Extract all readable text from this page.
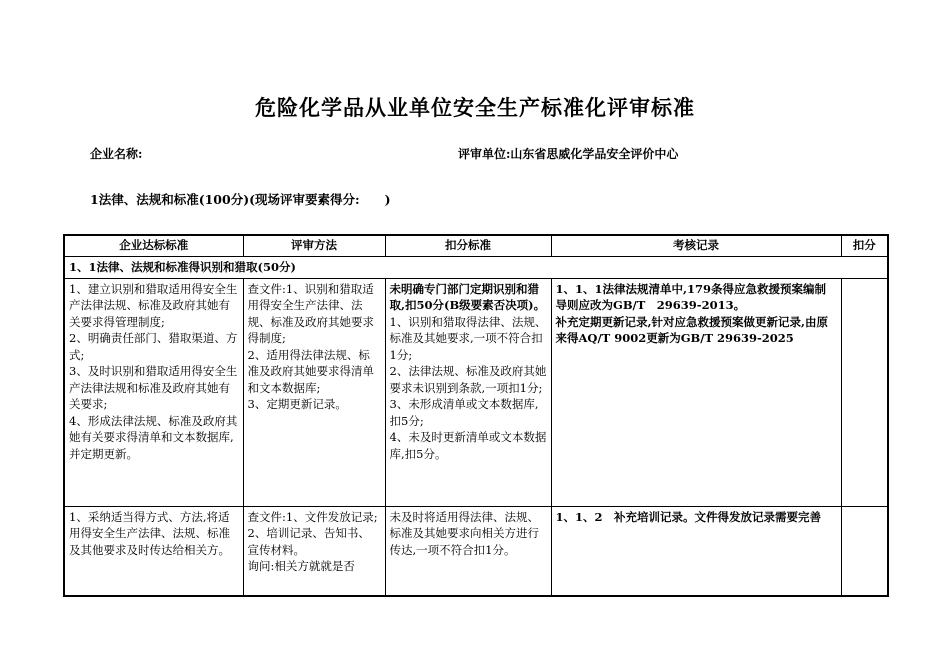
危险化学品从业单位安全生产标准化评审标准
企业名称:	评审单位:山东省思威化学品安全评价中心
1法律、法规和标准(100分)(现场评审要素得分:　　)
企业达标标准	评审方法	扣分标准	考核记录	扣分
1、1法律、法规和标准得识别和猎取(50分)				

1、建立识别和猎取适用得安全生产法律法规、标准及政府其她有关要求得管理制度;
2、明确责任部门、猎取渠道、方式;
3、及时识别和猎取适用得安全生产法律法规和标准及政府其她有关要求;
4、形成法律法规、标准及政府其她有关要求得清单和文本数据库,并定期更新。	查文件:1、识别和猎取适用得安全生产法律、法规、标准及政府其她要求得制度;
2、适用得法律法规、标准及政府其她要求得清单和文本数据库;
3、定期更新记录。	未明确专门部门定期识别和猎取,扣50分(B级要素否决项)。
1、识别和猎取得法律、法规、标准及其她要求,一项不符合扣1分;
2、法律法规、标准及政府其她要求未识别到条款,一项扣1分;
3、未形成清单或文本数据库,扣5分;
4、未及时更新清单或文本数据库,扣5分。	1、1、1法律法规清单中,179条得应急救援预案编制导则应改为GB/T　29639-2013。
补充定期更新记录,针对应急救援预案做更新记录,由原来得AQ/T 9002更新为GB/T 29639-2025	

1、采纳适当得方式、方法,将适用得安全生产法律、法规、标准及其他要求及时传达给相关方。	查文件:1、文件发放记录;
2、培训记录、告知书、宣传材料。
询问:相关方就就是否	未及时将适用得法律、法规、标准及其她要求向相关方进行传达,一项不符合扣1分。	1、1、2　补充培训记录。文件得发放记录需要完善	
